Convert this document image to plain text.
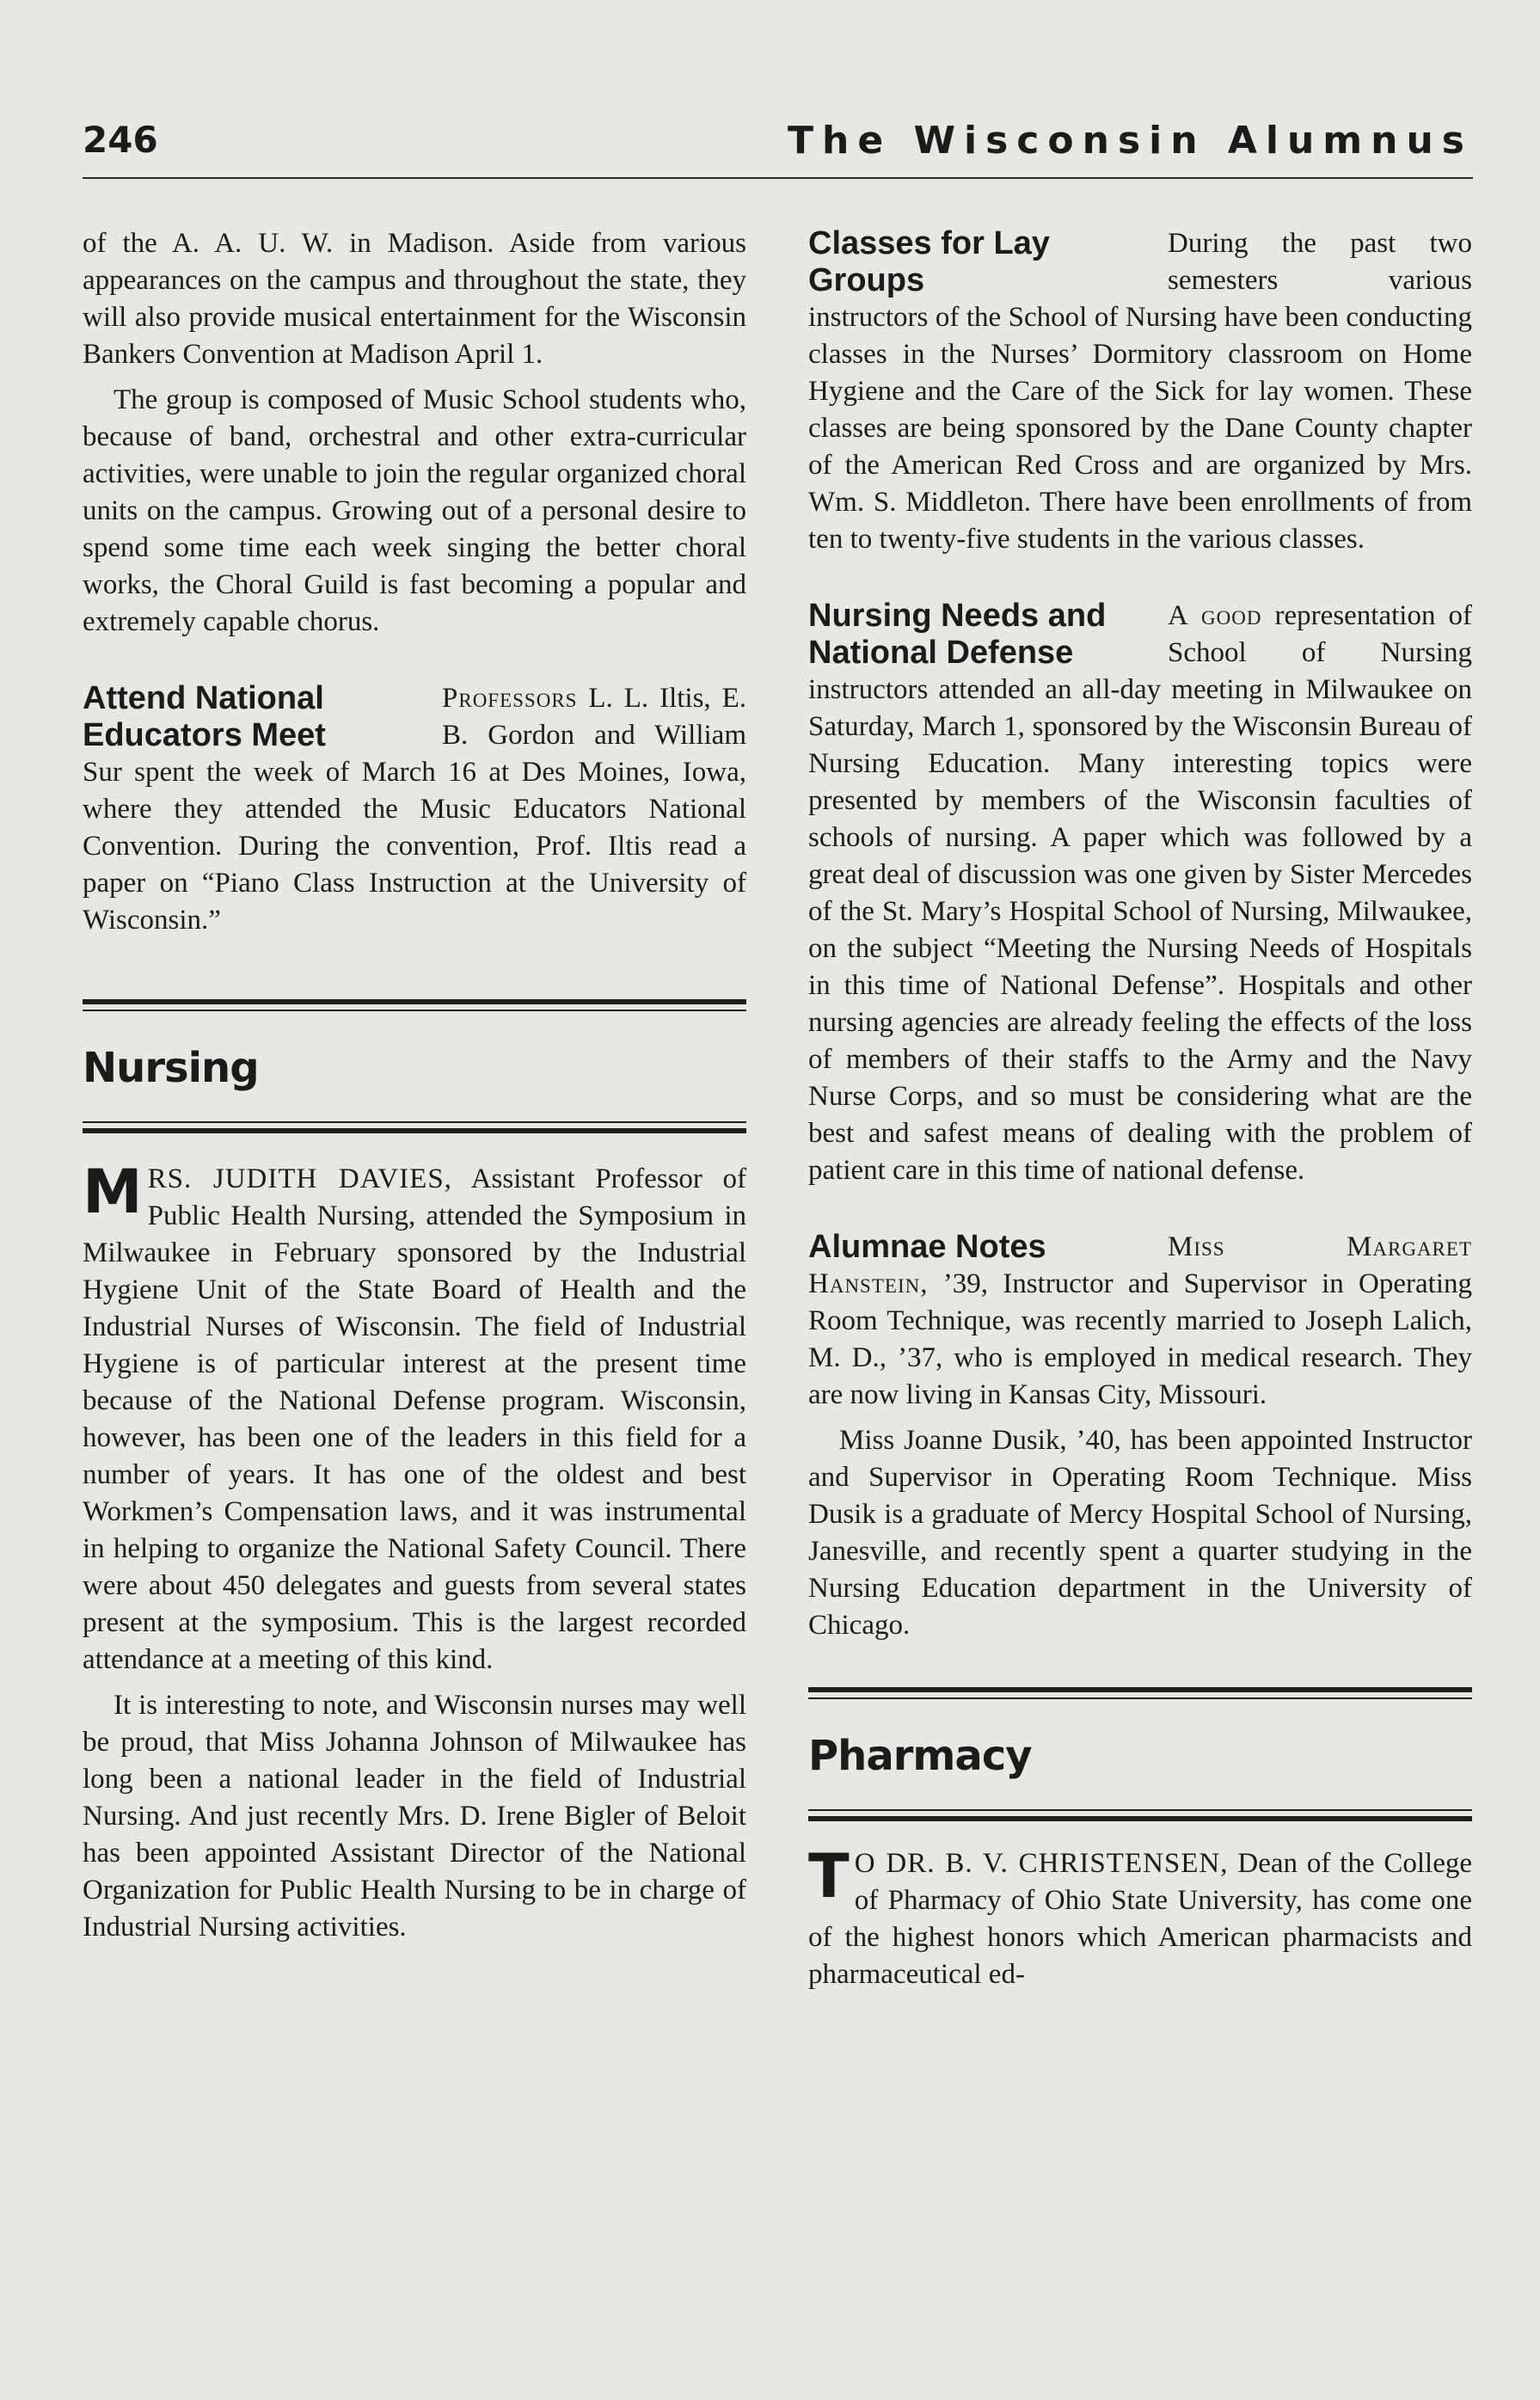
246	The Wisconsin Alumnus

of the A. A. U. W. in Madison. Aside from various appearances on the campus and throughout the state, they will also provide musical entertainment for the Wisconsin Bankers Convention at Madison April 1.

The group is composed of Music School students who, because of band, orchestral and other extra-curricular activities, were unable to join the regular organized choral units on the campus. Growing out of a personal desire to spend some time each week singing the better choral works, the Choral Guild is fast becoming a popular and extremely capable chorus.

Attend National Educators Meet

Professors L. L. Iltis, E. B. Gordon and William Sur spent the week of March 16 at Des Moines, Iowa, where they attended the Music Educators National Convention. During the convention, Prof. Iltis read a paper on “Piano Class Instruction at the University of Wisconsin.”

Nursing

MRS. JUDITH DAVIES, Assistant Professor of Public Health Nursing, attended the Symposium in Milwaukee in February sponsored by the Industrial Hygiene Unit of the State Board of Health and the Industrial Nurses of Wisconsin. The field of Industrial Hygiene is of particular interest at the present time because of the National Defense program. Wisconsin, however, has been one of the leaders in this field for a number of years. It has one of the oldest and best Workmen’s Compensation laws, and it was instrumental in helping to organize the National Safety Council. There were about 450 delegates and guests from several states present at the symposium. This is the largest recorded attendance at a meeting of this kind.

It is interesting to note, and Wisconsin nurses may well be proud, that Miss Johanna Johnson of Milwaukee has long been a national leader in the field of Industrial Nursing. And just recently Mrs. D. Irene Bigler of Beloit has been appointed Assistant Director of the National Organization for Public Health Nursing to be in charge of Industrial Nursing activities.

Classes for Lay Groups

During the past two semesters various instructors of the School of Nursing have been conducting classes in the Nurses’ Dormitory classroom on Home Hygiene and the Care of the Sick for lay women. These classes are being sponsored by the Dane County chapter of the American Red Cross and are organized by Mrs. Wm. S. Middleton. There have been enrollments of from ten to twenty-five students in the various classes.

Nursing Needs and National Defense

A good representation of School of Nursing instructors attended an all-day meeting in Milwaukee on Saturday, March 1, sponsored by the Wisconsin Bureau of Nursing Education. Many interesting topics were presented by members of the Wisconsin faculties of schools of nursing. A paper which was followed by a great deal of discussion was one given by Sister Mercedes of the St. Mary’s Hospital School of Nursing, Milwaukee, on the subject “Meeting the Nursing Needs of Hospitals in this time of National Defense”. Hospitals and other nursing agencies are already feeling the effects of the loss of members of their staffs to the Army and the Navy Nurse Corps, and so must be considering what are the best and safest means of dealing with the problem of patient care in this time of national defense.

Alumnae Notes	Miss Margaret Hanstein, ’39, Instructor and Supervisor in Operating Room Technique, was recently married to Joseph Lalich, M. D., ’37, who is employed in medical research. They are now living in Kansas City, Missouri.

Miss Joanne Dusik, ’40, has been appointed Instructor and Supervisor in Operating Room Technique. Miss Dusik is a graduate of Mercy Hospital School of Nursing, Janesville, and recently spent a quarter studying in the Nursing Education department in the University of Chicago.

Pharmacy

T O DR. B. V. CHRISTENSEN, Dean of the College of Pharmacy of Ohio State University, has come one of the highest honors which American pharmacists and pharmaceutical ed-
